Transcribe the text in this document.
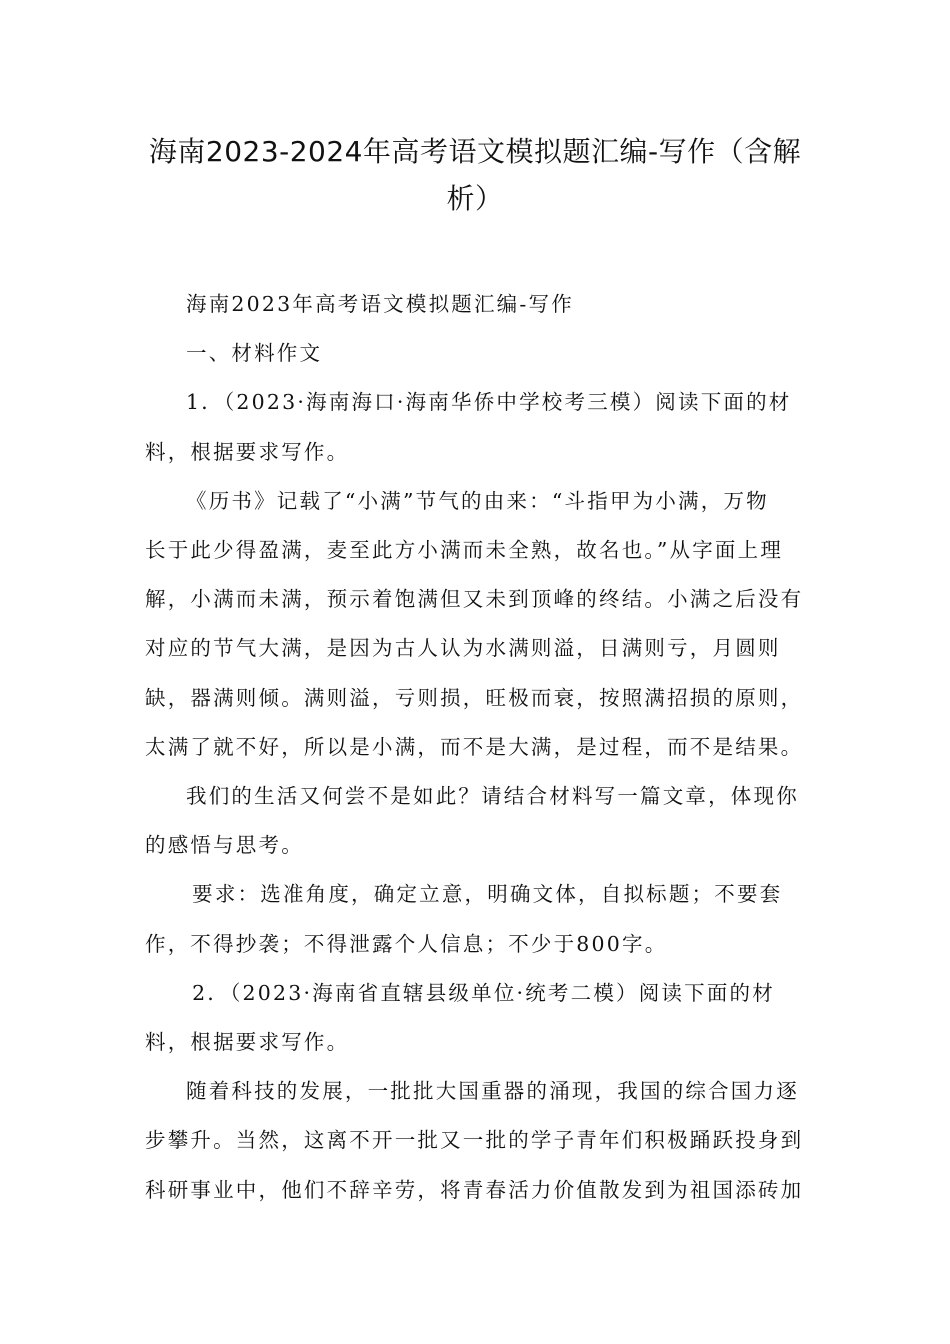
海南2023-2024年高考语文模拟题汇编-写作（含解
析）

海南2023年高考语文模拟题汇编-写作

一、材料作文

1．（2023·海南海口·海南华侨中学校考三模）阅读下面的材
料，根据要求写作。

《历书》记载了“小满”节气的由来：“斗指甲为小满，万物
长于此少得盈满，麦至此方小满而未全熟，故名也。”从字面上理
解，小满而未满，预示着饱满但又未到顶峰的终结。小满之后没有
对应的节气大满，是因为古人认为水满则溢，日满则亏，月圆则
缺，器满则倾。满则溢，亏则损，旺极而衰，按照满招损的原则，
太满了就不好，所以是小满，而不是大满，是过程，而不是结果。

我们的生活又何尝不是如此？请结合材料写一篇文章，体现你
的感悟与思考。

要求：选准角度，确定立意，明确文体，自拟标题；不要套
作，不得抄袭；不得泄露个人信息；不少于800字。

2．（2023·海南省直辖县级单位·统考二模）阅读下面的材
料，根据要求写作。

随着科技的发展，一批批大国重器的涌现，我国的综合国力逐
步攀升。当然，这离不开一批又一批的学子青年们积极踊跃投身到
科研事业中，他们不辞辛劳，将青春活力价值散发到为祖国添砖加
